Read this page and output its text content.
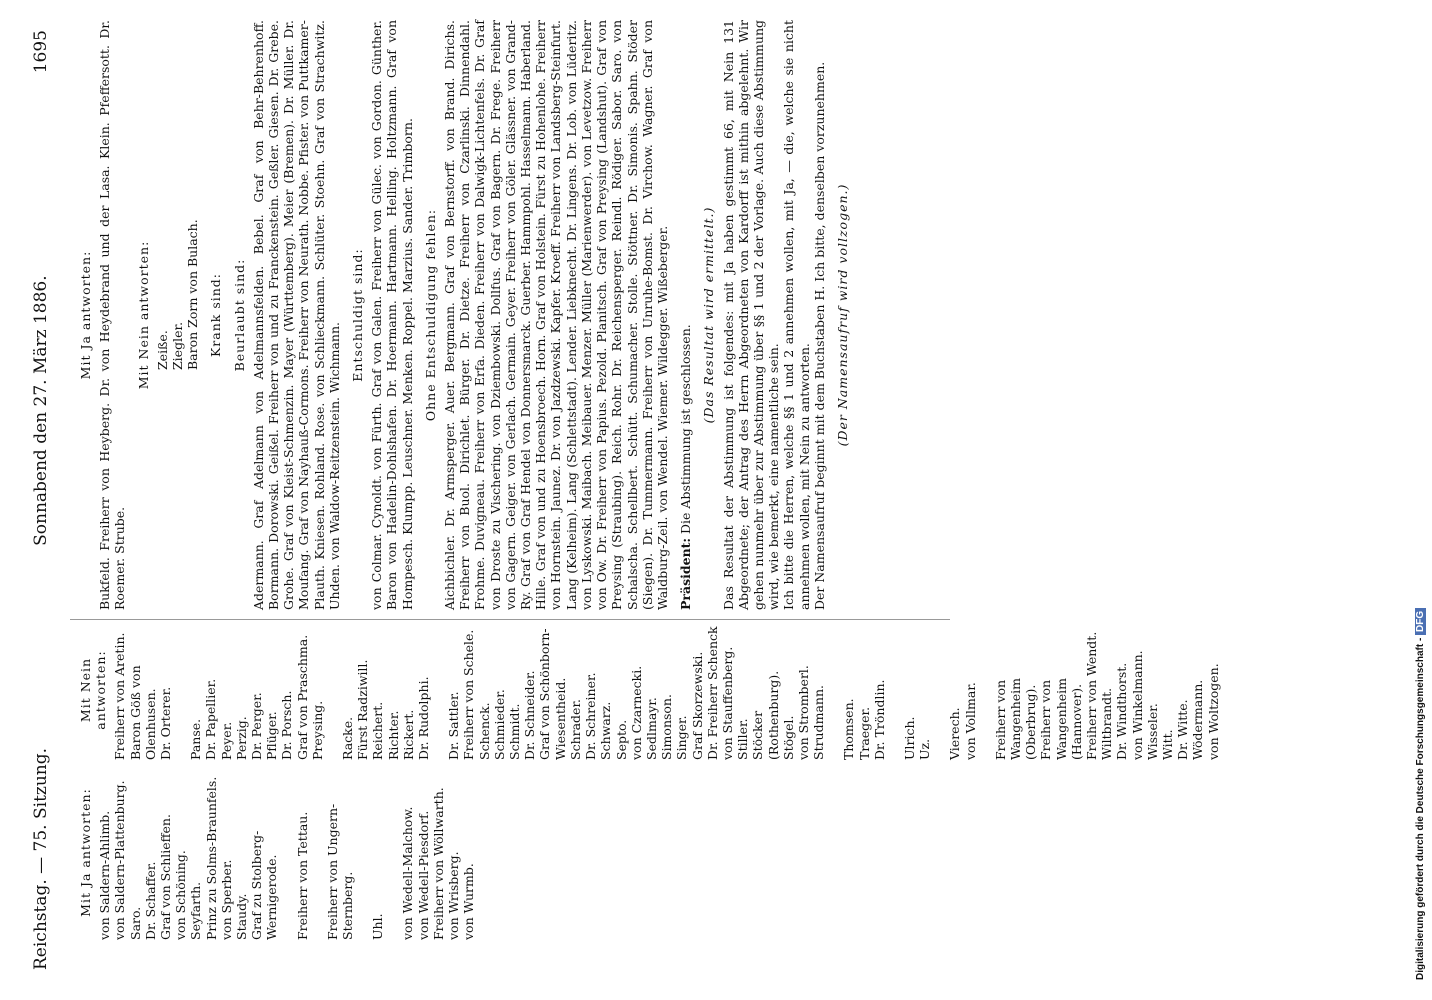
Reichstag. — 75. Sitzung.
Sonnabend den 27. März 1886.
1695
Mit Ja antworten: von Saldern-Ahlimb. von Saldern-Plattenburg. Saro. Dr. Schaffer. Graf von Schlieffen. von Schöning. Seyfarth. Prinz zu Solms-Braunfels. von Sperber. Staudy. Graf zu Stolberg-Wernigerode. Freiherr von Tettau. Freiherr von Ungern-Sternberg. Uhl. von Wedell-Malchow. von Wedell-Piesdorf. Freiherr von Wöllwarth. von Wrisberg. von Wurmb.
Mit Nein antworten: Freiherr von Aretin. Baron Göß von Olenhusen. Dr. Orterer. Panse. Dr. Papellier. Peyer. Perzig. Dr. Perger. Pflüger. Dr. Porsch. Graf von Praschma. Preysing. Racke. Fürst Radziwill. Reichert. Richter. Rickert. Dr. Rudolphi. Dr. Sattler. Freiherr von Schele. Schenck. Schmieder. Schmidt. Dr. Schneider. Graf von Schönborn-Wiesentheid. Schrader. Dr. Schreiner. Schwarz. Septo. von Czarnecki. Sedlmayr. Simonson. Singer. Graf Skorzewski. Dr. Freiherr Schenck von Stauffenberg. Stiller. Stöcker (Rothenburg). Stögel. von Stromberl. Strudmann. Thomsen. Traeger. Dr. Tröndlin. Ulrich. Uz. Vierech. von Vollmar. Freiherr von Wangenheim (Oberbrug). Freiherr von Wangenheim (Hannover). Freiherr von Wendt. Wiltbrandt. Dr. Windthorst. von Winkelmann. Wisseler. Witt. Dr. Witte. Wödermann. von Woltzogen.
Mit Ja antworten: Bukfeld. Freiherr von Heyberg. Dr. von Heydebrand und der Lasa. Klein. Pfeffersott. Dr. Roemer. Strube.
Mit Nein antworten: Zeiße. Ziegler. Baron Zorn von Bulach. Krank sind: Beurlaubt sind: Adermann. Graf Adelmann von Adelmannsfelden. Bebel. Graf von Behr-Behrenhoff. Bormann. Dorowski. Geißel. Freiherr von und zu Franckenstein. Geßler. Giesen. Dr. Grebe. Grohe. Graf von Kleist-Schmenzin. Mayer (Württemberg). Meier (Bremen). Dr. Müller. Dr. Moufang. Graf von Nayhauß-Cormons. Freiherr von Neurath. Nobbe. Pfister. von Puttkamer-Plauth. Kniesen. Rohland. Rose. von Schlieckmann. Schlüter. Stoehn. Graf von Strachwitz. Uhden. von Waldow-Reitzenstein. Wichmann.
Entschuldigt sind: von Colmar. Cynoldt. von Fürth. Graf von Galen. Freiherr von Gülec. von Gordon. Günther. Baron von Hadelin-Dohlshafen. Dr. Hoermann. Hartmann. Helling. Holtzmann. Graf von Hompesch. Klumpp. Leuschner. Menken. Roppel. Marzius. Sander. Trimborn. Ohne Entschuldigung fehlen: Aichbichler. Dr. Armsperger. Auer. Bergmann. Graf von Bernstorff. von Brand. Dirichs. Freiherr von Buol. Dirichlet. Bürger. Dr. Dietze. Freiherr von Czarlinski. Dinnendahl. Frohme. Duvigneau. Freiherr von Erfa. Dieden. Freiherr von Dalwigk-Lichtenfels. Dr. Graf von Droste zu Vischering. von Dziembowski. Dollfus. Graf von Bagern. Dr. Frege. Freiherr von Gagern. Geiger. von Gerlach. Germain. Geyer. Freiherr von Göler. Glässner. von Grand-Ry. Graf von Graf Hendel von Donnersmarck. Guerber. Hammpohl. Hasselmann. Haberland. Hille. Graf von und zu Hoensbroech. Horn. Graf von Holstein. Fürst zu Hohenlohe. Freiherr von Hornstein. Jaunez. Dr. von Jazdzewski. Kapfer. Kroeff. Freiherr von Landsberg-Steinfurt. Lang (Kelheim). Lang (Schlettstadt). Lender. Liebknecht. Dr. Lingens. Dr. Lob. von Lüderitz. von Lyskowski. Maibach. Meibauer. Menzer. Müller (Marienwerder). von Levetzow. Freiherr von Ow. Dr. Freiherr von Papius. Pezold. Planitsch. Graf von Preysing (Landshut). Graf von Preysing (Straubing). Reich. Rohr. Dr. Reichensperger. Reindl. Rödiger. Sabor. Saro. von Schalscha. Schellbert. Schütt. Schumacher. Stolle. Stöttner. Dr. Simonis. Spahn. Stöder (Siegen). Dr. Tummermann. Freiherr von Unruhe-Bomst. Dr. Virchow. Wagner. Graf von Waldburg-Zeil. von Wendel. Wiemer. Wildegger. Wißeberger. Präsident: Die Abstimmung ist geschlossen.
(Das Resultat wird ermittelt.) Das Resultat der Abstimmung ist folgendes: mit Ja haben gestimmt 66, mit Nein 131 Abgeordnete; der Antrag des Herrn Abgeordneten von Kardorff ist mithin abgelehnt. Wir gehen nunmehr über zur Abstimmung über §§ 1 und 2 der Vorlage. Auch diese Abstimmung wird, wie bemerkt, eine namentliche sein. Ich bitte die Herren, welche §§ 1 und 2 annehmen wollen, mit Ja, — die, welche sie nicht annehmen wollen, mit Nein zu antworten. Der Namensaufruf beginnt mit dem Buchstaben H. Ich bitte, denselben vorzunehmen. (Der Namensaufruf wird vollzogen.)
Digitalisierung gefördert durch die Deutsche Forschungsgemeinschaft - DFG
